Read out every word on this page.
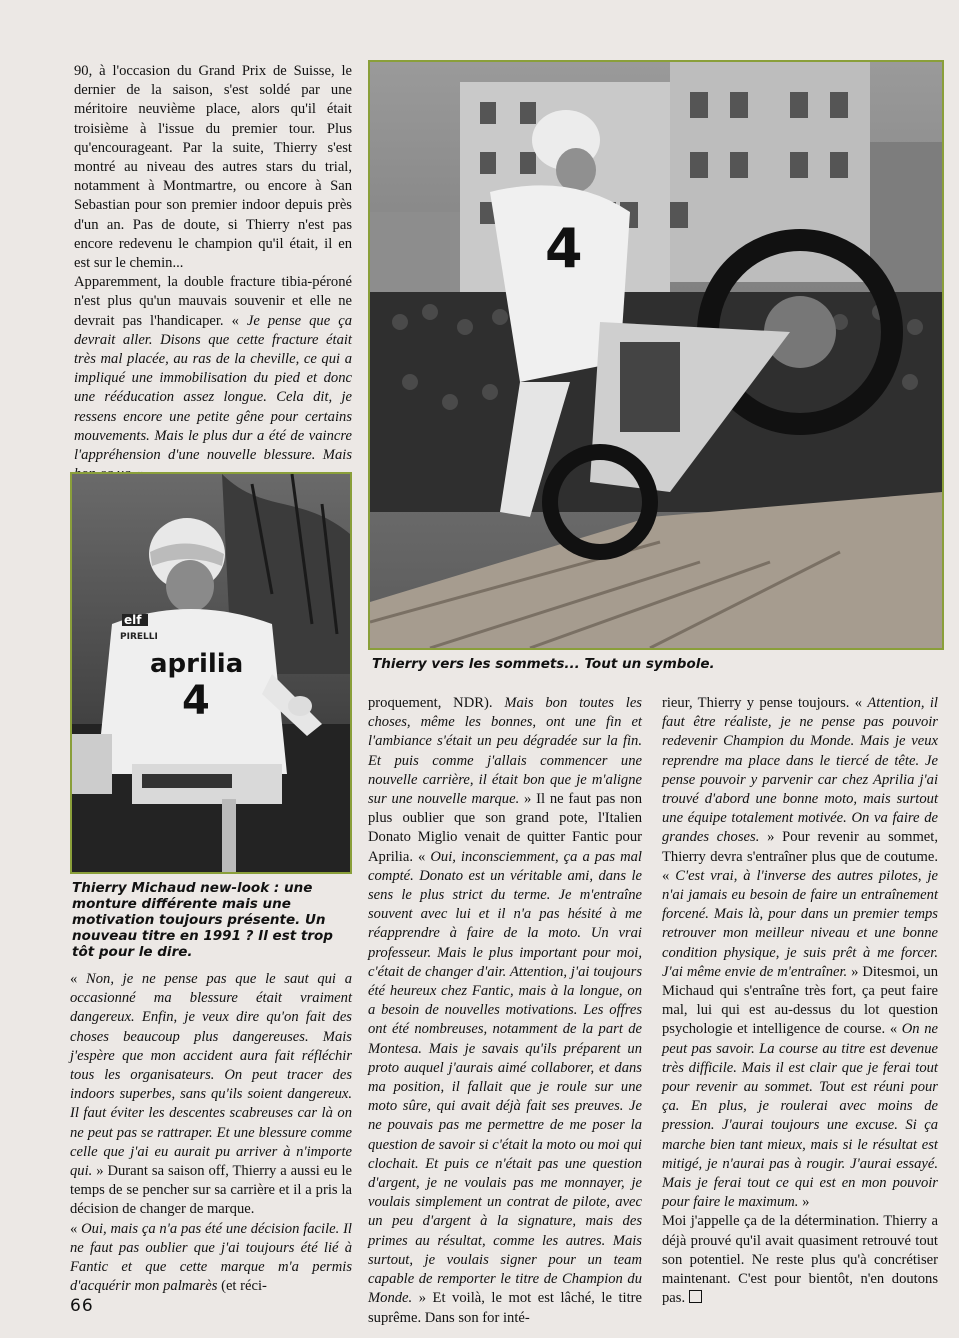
90, à l'occasion du Grand Prix de Suisse, le dernier de la saison, s'est soldé par une méritoire neuvième place, alors qu'il était troisième à l'issue du premier tour. Plus qu'encourageant. Par la suite, Thierry s'est montré au niveau des autres stars du trial, notamment à Montmartre, ou encore à San Sebastian pour son premier indoor depuis près d'un an. Pas de doute, si Thierry n'est pas encore redevenu le champion qu'il était, il en est sur le chemin...
Apparemment, la double fracture tibia-péroné n'est plus qu'un mauvais souvenir et elle ne devrait pas l'handicaper. « Je pense que ça devrait aller. Disons que cette fracture était très mal placée, au ras de la cheville, ce qui a impliqué une immobilisation du pied et donc une rééducation assez longue. Cela dit, je ressens encore une petite gêne pour certains mouvements. Mais le plus dur a été de vaincre l'appréhension d'une nouvelle blessure. Mais

elf
PIRELLI
aprilia
4
Thierry Michaud new-look : une monture différente mais une motivation toujours présente. Un nouveau titre en 1991 ? Il est trop tôt pour le dire.

« Non, je ne pense pas que le saut qui a occasionné ma blessure était vraiment dangereux. Enfin, je veux dire qu'on fait des choses beaucoup plus dangereuses. Mais j'espère que mon accident aura fait réfléchir tous les organisateurs. On peut tracer des indoors superbes, sans qu'ils soient dangereux. Il faut éviter les descentes scabreuses car là on ne peut pas se rattraper. Et une blessure comme celle que j'ai eu aurait pu arriver à n'importe qui. » Durant sa saison off, Thierry a aussi eu le temps de se pencher sur sa carrière et il a pris la décision de changer de marque.
« Oui, mais ça n'a pas été une décision facile. Il ne faut pas oublier que j'ai toujours été lié à Fantic et que cette marque m'a permis d'acquérir mon palmarès (et réci-

4
Thierry vers les sommets... Tout un symbole.

proquement, NDR). Mais bon toutes les choses, même les bonnes, ont une fin et l'ambiance s'était un peu dégradée sur la fin. Et puis comme j'allais commencer une nouvelle carrière, il était bon que je m'aligne sur une nouvelle marque. » Il ne faut pas non plus oublier que son grand pote, l'Italien Donato Miglio venait de quitter Fantic pour Aprilia. « Oui, inconsciemment, ça a pas mal compté. Donato est un véritable ami, dans le sens le plus strict du terme. Je m'entraîne souvent avec lui et il n'a pas hésité à me réapprendre à faire de la moto. Un vrai professeur. Mais le plus important pour moi, c'était de changer d'air. Attention, j'ai toujours été heureux chez Fantic, mais à la longue, on a besoin de nouvelles motivations. Les offres ont été nombreuses, notamment de la part de Montesa. Mais je savais qu'ils préparent un proto auquel j'aurais aimé collaborer, et dans ma position, il fallait que je roule sur une moto sûre, qui avait déjà fait ses preuves. Je ne pouvais pas me permettre de me poser la question de savoir si c'était la moto ou moi qui clochait. Et puis ce n'était pas une question d'argent, je ne voulais pas me monnayer, je voulais simplement un contrat de pilote, avec un peu d'argent à la signature, mais des primes au résultat, comme les autres. Mais surtout, je voulais signer pour un team capable de remporter le titre de Champion du Monde. » Et voilà, le mot est lâché, le titre suprême. Dans son for inté-

rieur, Thierry y pense toujours. « Attention, il faut être réaliste, je ne pense pas pouvoir redevenir Champion du Monde. Mais je veux reprendre ma place dans le tiercé de tête. Je pense pouvoir y parvenir car chez Aprilia j'ai trouvé d'abord une bonne moto, mais surtout une équipe totalement motivée. On va faire de grandes choses. » Pour revenir au sommet, Thierry devra s'entraîner plus que de coutume. « C'est vrai, à l'inverse des autres pilotes, je n'ai jamais eu besoin de faire un entraînement forcené. Mais là, pour dans un premier temps retrouver mon meilleur niveau et une bonne condition physique, je suis prêt à me forcer. J'ai même envie de m'entraîner. » Ditesmoi, un Michaud qui s'entraîne très fort, ça peut faire mal, lui qui est au-dessus du lot question psychologie et intelligence de course. « On ne peut pas savoir. La course au titre est devenue très difficile. Mais il est clair que je ferai tout pour revenir au sommet. Tout est réuni pour ça. En plus, je roulerai avec moins de pression. J'aurai toujours une excuse. Si ça marche bien tant mieux, mais si le résultat est mitigé, je n'aurai pas à rougir. J'aurai essayé. Mais je ferai tout ce qui est en mon pouvoir pour faire le maximum. »
Moi j'appelle ça de la détermination. Thierry a déjà prouvé qu'il avait quasiment retrouvé tout son potentiel. Ne reste plus qu'à concrétiser maintenant. C'est pour bientôt, n'en doutons pas.

66
